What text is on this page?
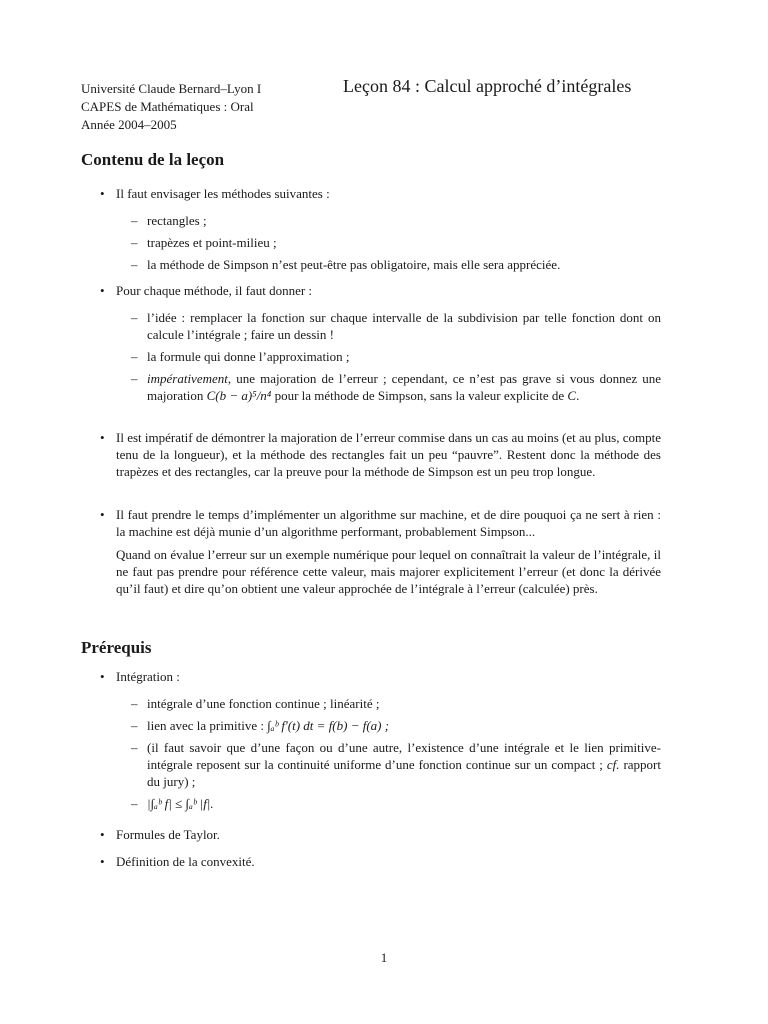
Université Claude Bernard–Lyon I
CAPES de Mathématiques : Oral
Année 2004–2005
Leçon 84 : Calcul approché d’intégrales
Contenu de la leçon
• Il faut envisager les méthodes suivantes :
– rectangles ;
– trapèzes et point-milieu ;
– la méthode de Simpson n’est peut-être pas obligatoire, mais elle sera appréciée.
• Pour chaque méthode, il faut donner :
– l’idée : remplacer la fonction sur chaque intervalle de la subdivision par telle fonction dont on calcule l’intégrale ; faire un dessin !
– la formule qui donne l’approximation ;
– impérativement, une majoration de l’erreur ; cependant, ce n’est pas grave si vous donnez une majoration C(b − a)⁵/n⁴ pour la méthode de Simpson, sans la valeur explicite de C.
• Il est impératif de démontrer la majoration de l’erreur commise dans un cas au moins (et au plus, compte tenu de la longueur), et la méthode des rectangles fait un peu “pauvre”. Restent donc la méthode des trapèzes et des rectangles, car la preuve pour la méthode de Simpson est un peu trop longue.
• Il faut prendre le temps d’implémenter un algorithme sur machine, et de dire pouquoi ça ne sert à rien : la machine est déjà munie d’un algorithme performant, probablement Simpson...
Quand on évalue l’erreur sur un exemple numérique pour lequel on connaîtrait la valeur de l’intégrale, il ne faut pas prendre pour référence cette valeur, mais majorer explicitement l’erreur (et donc la dérivée qu’il faut) et dire qu’on obtient une valeur approchée de l’intégrale à l’erreur (calculée) près.
Prérequis
• Intégration :
– intégrale d’une fonction continue ; linéarité ;
– lien avec la primitive : ∫ₐᵇ f′(t) dt = f(b) − f(a) ;
– (il faut savoir que d’une façon ou d’une autre, l’existence d’une intégrale et le lien primitive-intégrale reposent sur la continuité uniforme d’une fonction continue sur un compact ; cf. rapport du jury) ;
– |∫ₐᵇ f| ≤ ∫ₐᵇ |f|.
• Formules de Taylor.
• Définition de la convexité.
1
